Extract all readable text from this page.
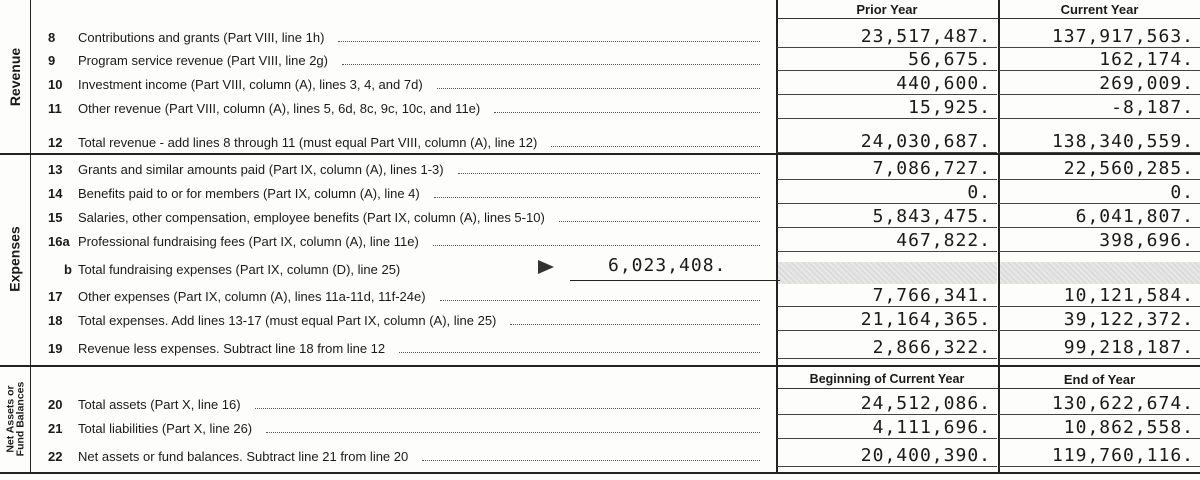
Prior Year	Current Year
Revenue
Expenses
Net Assets or
Fund Balances
Beginning of Current Year	End of Year
8 Contributions and grants (Part VIII, line 1h)	23,517,487.	137,917,563.
9 Program service revenue (Part VIII, line 2g)	56,675.	162,174.
10 Investment income (Part VIII, column (A), lines 3, 4, and 7d)	440,600.	269,009.
11 Other revenue (Part VIII, column (A), lines 5, 6d, 8c, 9c, 10c, and 11e)	15,925.	-8,187.
12 Total revenue - add lines 8 through 11 (must equal Part VIII, column (A), line 12)	24,030,687.	138,340,559.
13 Grants and similar amounts paid (Part IX, column (A), lines 1-3)	7,086,727.	22,560,285.
14 Benefits paid to or for members (Part IX, column (A), line 4)	0.	0.
15 Salaries, other compensation, employee benefits (Part IX, column (A), lines 5-10)	5,843,475.	6,041,807.
16a Professional fundraising fees (Part IX, column (A), line 11e)	467,822.	398,696.
b Total fundraising expenses (Part IX, column (D), line 25)	6,023,408.
17 Other expenses (Part IX, column (A), lines 11a-11d, 11f-24e)	7,766,341.	10,121,584.
18 Total expenses. Add lines 13-17 (must equal Part IX, column (A), line 25)	21,164,365.	39,122,372.
19 Revenue less expenses. Subtract line 18 from line 12	2,866,322.	99,218,187.
20 Total assets (Part X, line 16)	24,512,086.	130,622,674.
21 Total liabilities (Part X, line 26)	4,111,696.	10,862,558.
22 Net assets or fund balances. Subtract line 21 from line 20	20,400,390.	119,760,116.
